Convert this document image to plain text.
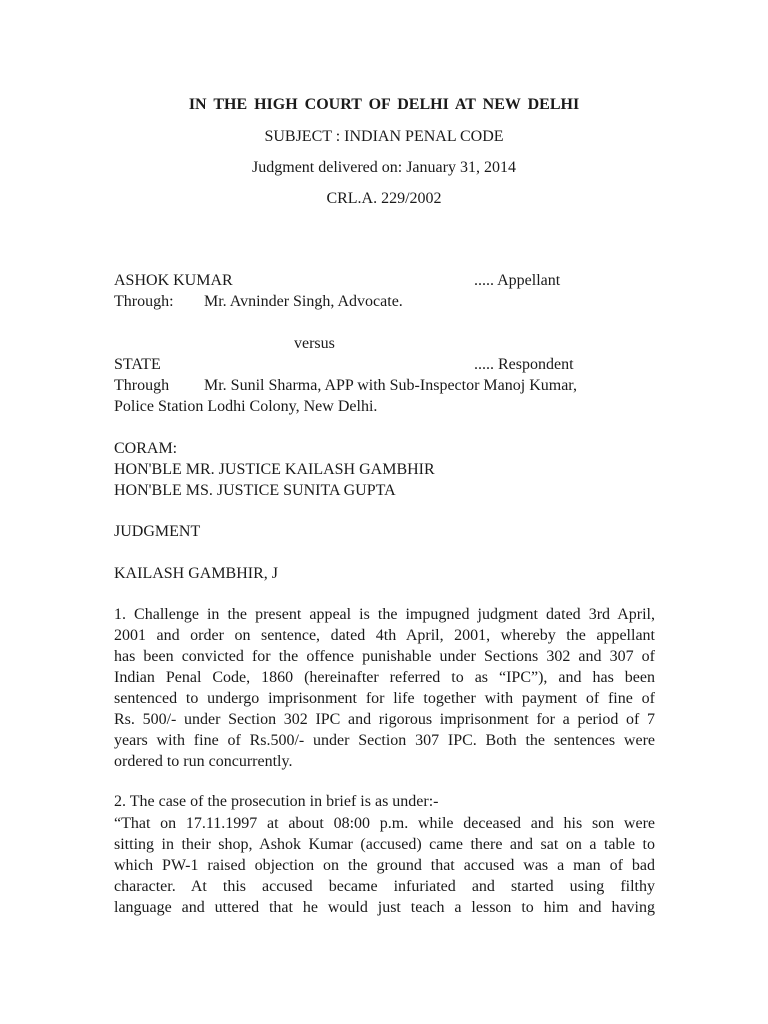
IN THE HIGH COURT OF DELHI AT NEW DELHI
SUBJECT : INDIAN PENAL CODE
Judgment delivered on: January 31, 2014
CRL.A. 229/2002
ASHOK KUMAR	..... Appellant
Through: Mr. Avninder Singh, Advocate.
versus
STATE	..... Respondent
Through Mr. Sunil Sharma, APP with Sub-Inspector Manoj Kumar,
Police Station Lodhi Colony, New Delhi.
CORAM:
HON'BLE MR. JUSTICE KAILASH GAMBHIR
HON'BLE MS. JUSTICE SUNITA GUPTA
JUDGMENT
KAILASH GAMBHIR, J
1. Challenge in the present appeal is the impugned judgment dated 3rd April,
2001 and order on sentence, dated 4th April, 2001, whereby the appellant
has been convicted for the offence punishable under Sections 302 and 307 of
Indian Penal Code, 1860 (hereinafter referred to as “IPC”), and has been
sentenced to undergo imprisonment for life together with payment of fine of
Rs. 500/- under Section 302 IPC and rigorous imprisonment for a period of 7
years with fine of Rs.500/- under Section 307 IPC. Both the sentences were
ordered to run concurrently.
2. The case of the prosecution in brief is as under:-
“That on 17.11.1997 at about 08:00 p.m. while deceased and his son were
sitting in their shop, Ashok Kumar (accused) came there and sat on a table to
which PW-1 raised objection on the ground that accused was a man of bad
character. At this accused became infuriated and started using filthy
language and uttered that he would just teach a lesson to him and having
